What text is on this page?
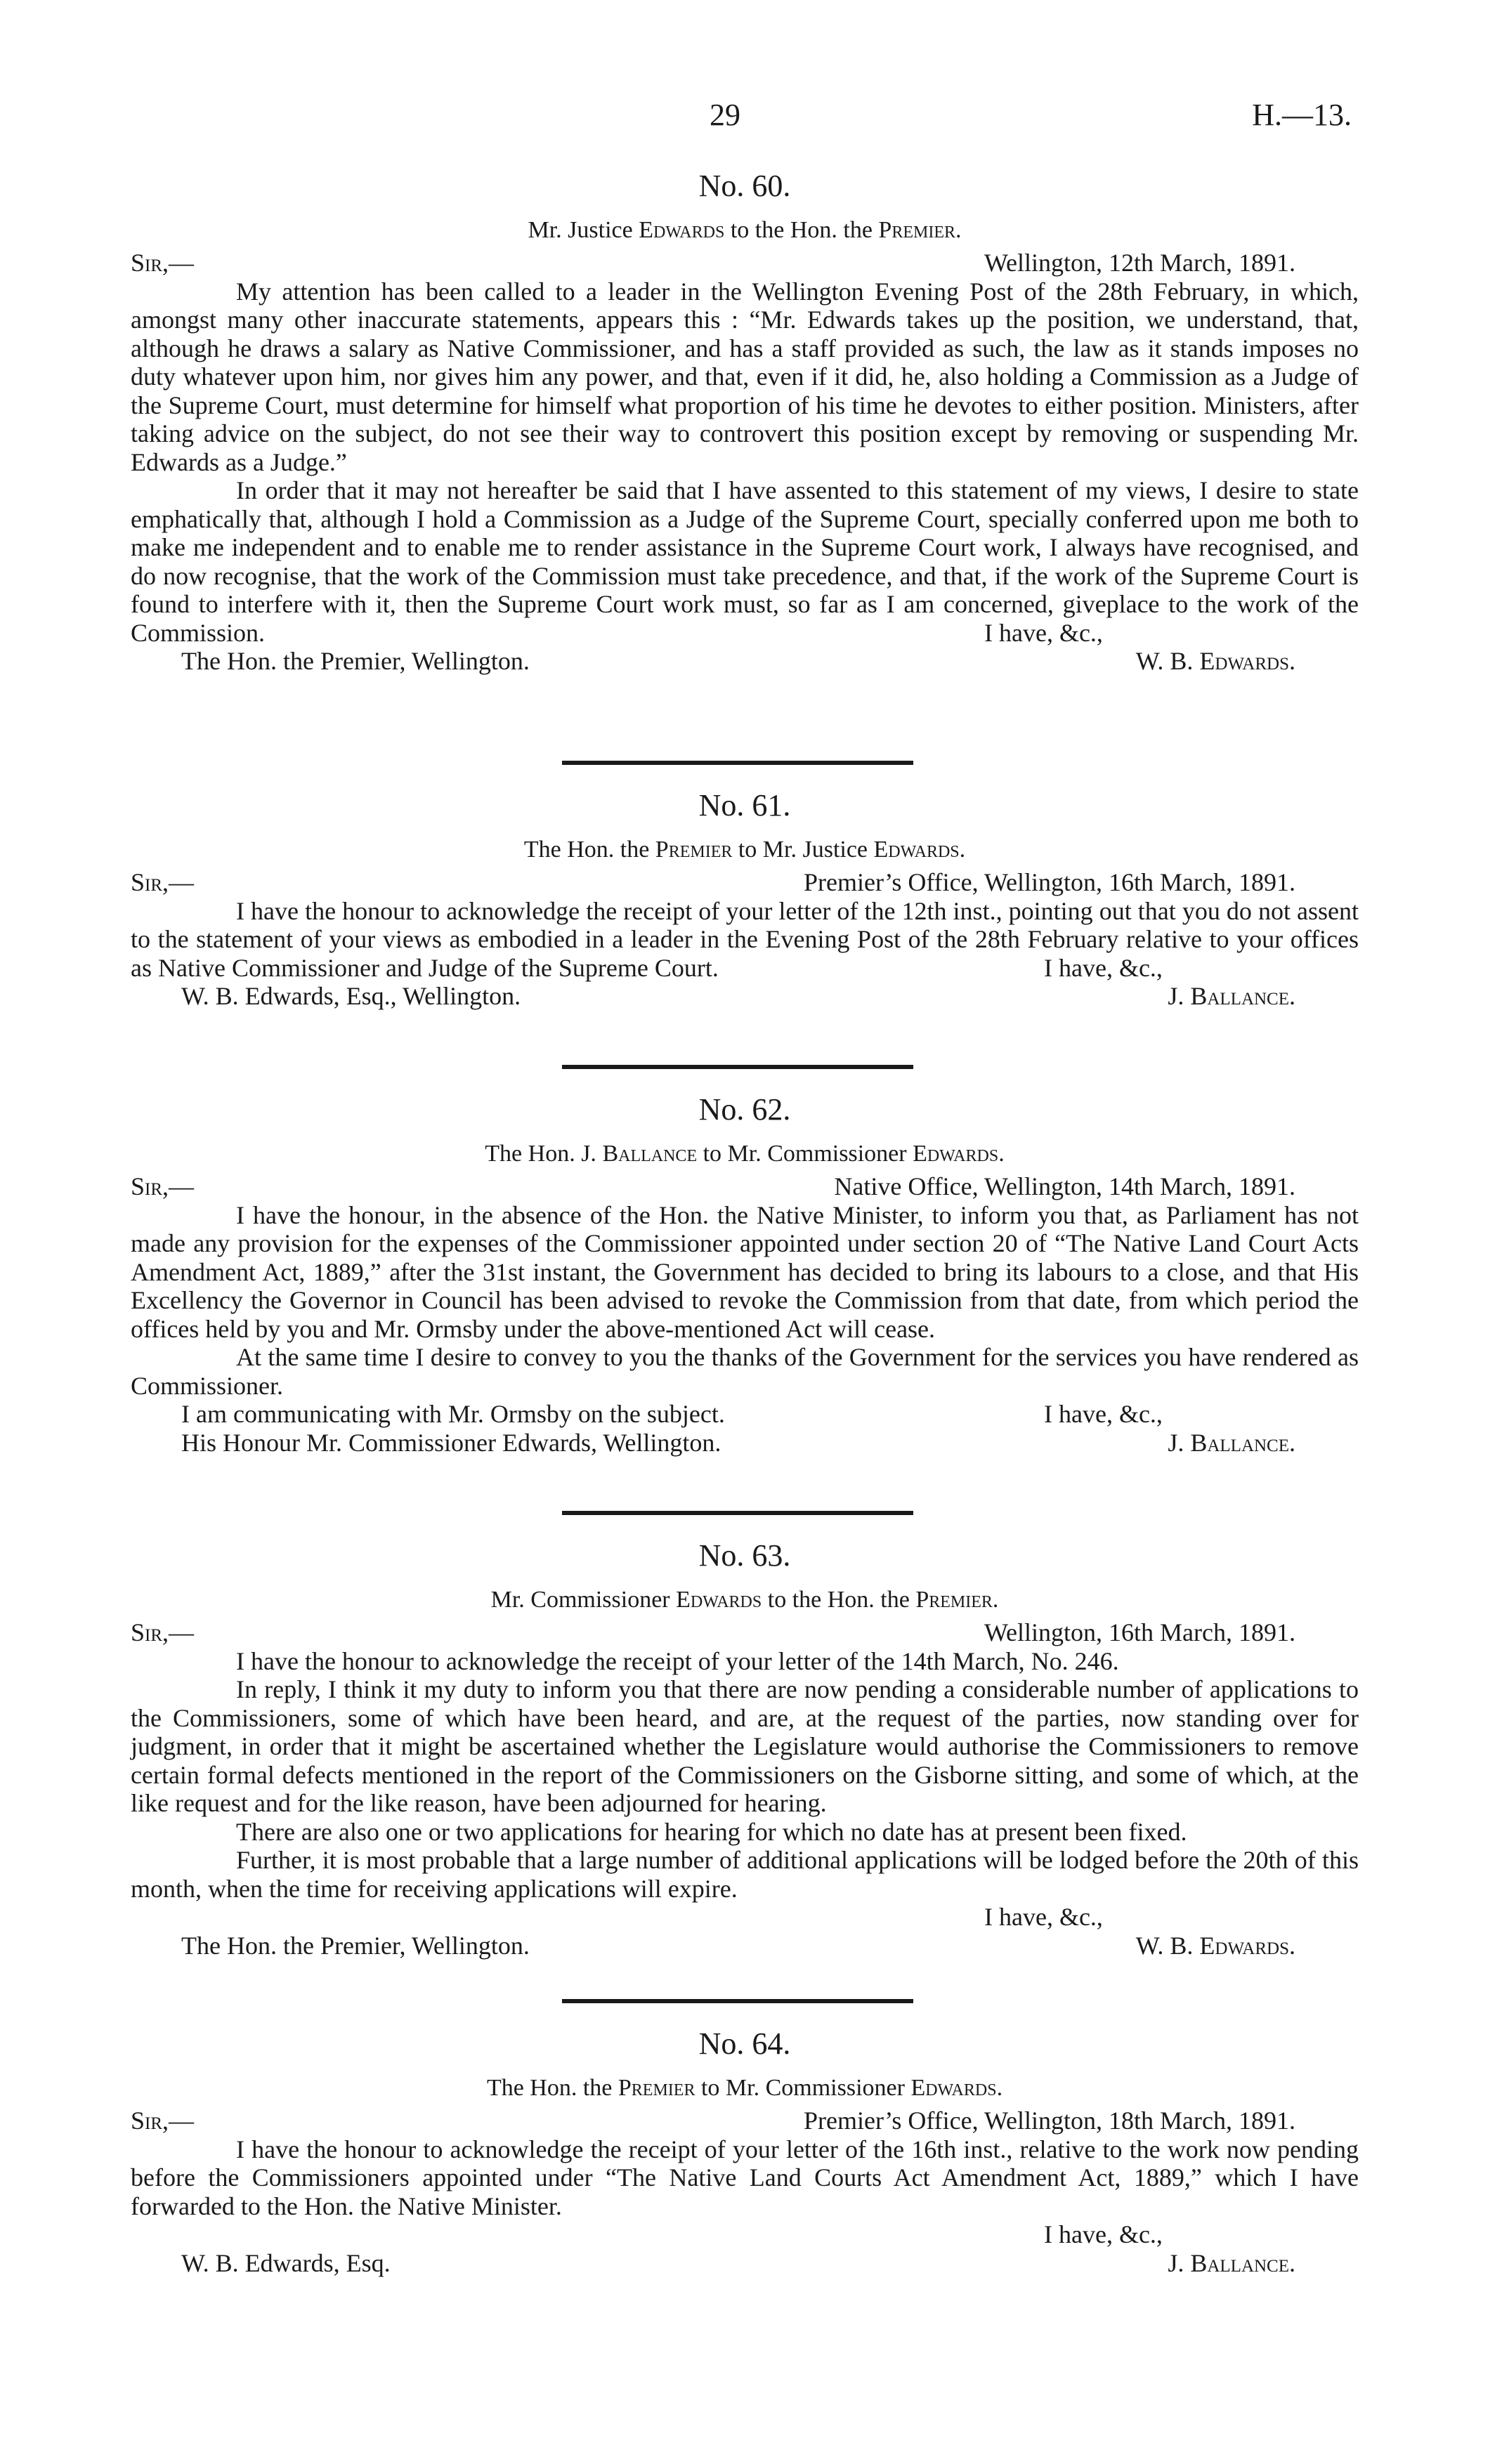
29	H.—13.
No. 60.
Mr. Justice Edwards to the Hon. the Premier.
Sir,—	Wellington, 12th March, 1891.

My attention has been called to a leader in the Wellington Evening Post of the 28th February, in which, amongst many other inaccurate statements, appears this : “Mr. Edwards takes up the position, we understand, that, although he draws a salary as Native Commissioner, and has a staff provided as such, the law as it stands imposes no duty whatever upon him, nor gives him any power, and that, even if it did, he, also holding a Commission as a Judge of the Supreme Court, must determine for himself what proportion of his time he devotes to either position. Ministers, after taking advice on the subject, do not see their way to controvert this position except by removing or suspending Mr. Edwards as a Judge.”

In order that it may not hereafter be said that I have assented to this statement of my views, I desire to state emphatically that, although I hold a Commission as a Judge of the Supreme Court, specially conferred upon me both to make me independent and to enable me to render assistance in the Supreme Court work, I always have recognised, and do now recognise, that the work of the Commission must take precedence, and that, if the work of the Supreme Court is found to interfere with it, then the Supreme Court work must, so far as I am concerned, giveplace to the work of the Commission.

The Hon. the Premier, Wellington.	W. B. Edwards.
I have, &c.,
No. 61.
The Hon. the Premier to Mr. Justice Edwards.
Sir,—	Premier’s Office, Wellington, 16th March, 1891.

I have the honour to acknowledge the receipt of your letter of the 12th inst., pointing out that you do not assent to the statement of your views as embodied in a leader in the Evening Post of the 28th February relative to your offices as Native Commissioner and Judge of the Supreme Court.

W. B. Edwards, Esq., Wellington.	J. Ballance.
I have, &c.,
No. 62.
The Hon. J. Ballance to Mr. Commissioner Edwards.
Sir,—	Native Office, Wellington, 14th March, 1891.

I have the honour, in the absence of the Hon. the Native Minister, to inform you that, as Parliament has not made any provision for the expenses of the Commissioner appointed under section 20 of “The Native Land Court Acts Amendment Act, 1889,” after the 31st instant, the Government has decided to bring its labours to a close, and that His Excellency the Governor in Council has been advised to revoke the Commission from that date, from which period the offices held by you and Mr. Ormsby under the above-mentioned Act will cease.

At the same time I desire to convey to you the thanks of the Government for the services you have rendered as Commissioner.

I am communicating with Mr. Ormsby on the subject.	I have, &c.,
His Honour Mr. Commissioner Edwards, Wellington.	J. Ballance.
No. 63.
Mr. Commissioner Edwards to the Hon. the Premier.
Sir,—	Wellington, 16th March, 1891.

I have the honour to acknowledge the receipt of your letter of the 14th March, No. 246.

In reply, I think it my duty to inform you that there are now pending a considerable number of applications to the Commissioners, some of which have been heard, and are, at the request of the parties, now standing over for judgment, in order that it might be ascertained whether the Legislature would authorise the Commissioners to remove certain formal defects mentioned in the report of the Commissioners on the Gisborne sitting, and some of which, at the like request and for the like reason, have been adjourned for hearing.

There are also one or two applications for hearing for which no date has at present been fixed.

Further, it is most probable that a large number of additional applications will be lodged before the 20th of this month, when the time for receiving applications will expire.

I have, &c.,
The Hon. the Premier, Wellington.	W. B. Edwards.
No. 64.
The Hon. the Premier to Mr. Commissioner Edwards.
Sir,—	Premier’s Office, Wellington, 18th March, 1891.

I have the honour to acknowledge the receipt of your letter of the 16th inst., relative to the work now pending before the Commissioners appointed under “The Native Land Courts Act Amendment Act, 1889,” which I have forwarded to the Hon. the Native Minister.

I have, &c.,
W. B. Edwards, Esq.	J. Ballance.
